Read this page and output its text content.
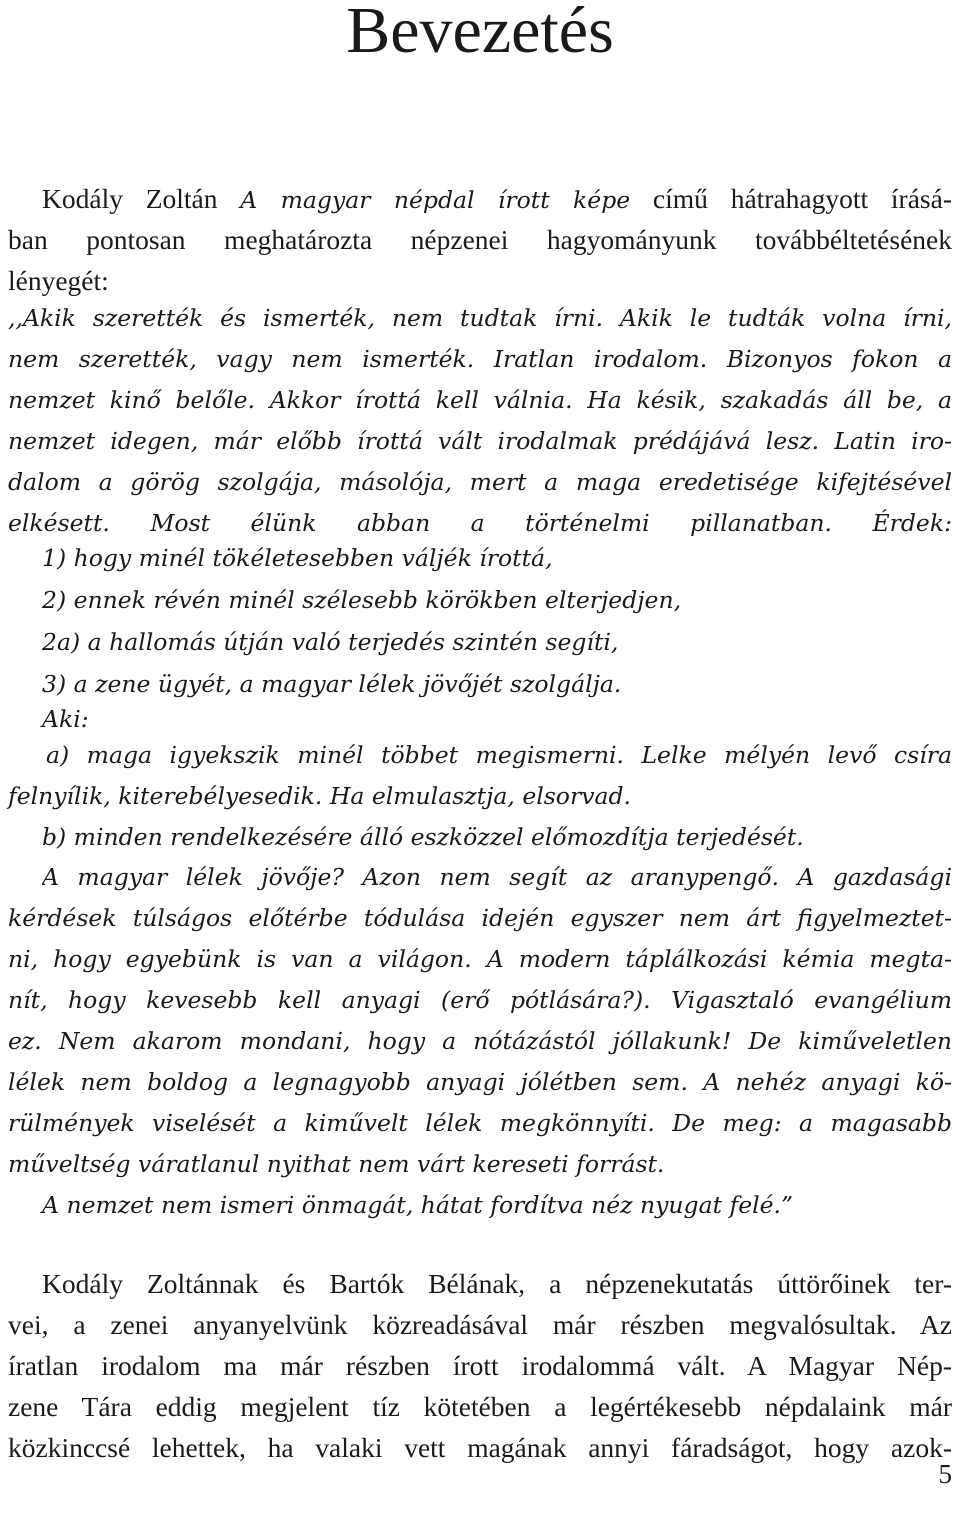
Bevezetés
Kodály Zoltán A magyar népdal írott képe című hátrahagyott írásá-
ban pontosan meghatározta népzenei hagyományunk továbbéltetésének
lényegét:
,,Akik szerették és ismerték, nem tudtak írni. Akik le tudták volna írni,
nem szerették, vagy nem ismerték. Iratlan irodalom. Bizonyos fokon a
nemzet kinő belőle. Akkor írottá kell válnia. Ha késik, szakadás áll be, a
nemzet idegen, már előbb írottá vált irodalmak prédájává lesz. Latin iro-
dalom a görög szolgája, másolója, mert a maga eredetisége kifejtésével
elkésett. Most élünk abban a történelmi pillanatban. Érdek:
1) hogy minél tökéletesebben váljék írottá,
2) ennek révén minél szélesebb körökben elterjedjen,
2a) a hallomás útján való terjedés szintén segíti,
3) a zene ügyét, a magyar lélek jövőjét szolgálja.
Aki:
a) maga igyekszik minél többet megismerni. Lelke mélyén levő csíra
felnyílik, kiterebélyesedik. Ha elmulasztja, elsorvad.
b) minden rendelkezésére álló eszközzel előmozdítja terjedését.
A magyar lélek jövője? Azon nem segít az aranypengő. A gazdasági
kérdések túlságos előtérbe tódulása idején egyszer nem árt figyelmeztet-
ni, hogy egyebünk is van a világon. A modern táplálkozási kémia megta-
nít, hogy kevesebb kell anyagi (erő pótlására?). Vigasztaló evangélium
ez. Nem akarom mondani, hogy a nótázástól jóllakunk! De kiműveletlen
lélek nem boldog a legnagyobb anyagi jólétben sem. A nehéz anyagi kö-
rülmények viselését a kiművelt lélek megkönnyíti. De meg: a magasabb
műveltség váratlanul nyithat nem várt kereseti forrást.
A nemzet nem ismeri önmagát, hátat fordítva néz nyugat felé.”
Kodály Zoltánnak és Bartók Bélának, a népzenekutatás úttörőinek ter-
vei, a zenei anyanyelvünk közreadásával már részben megvalósultak. Az
íratlan irodalom ma már részben írott irodalommá vált. A Magyar Nép-
zene Tára eddig megjelent tíz kötetében a legértékesebb népdalaink már
közkinccsé lehettek, ha valaki vett magának annyi fáradságot, hogy azok-
5
